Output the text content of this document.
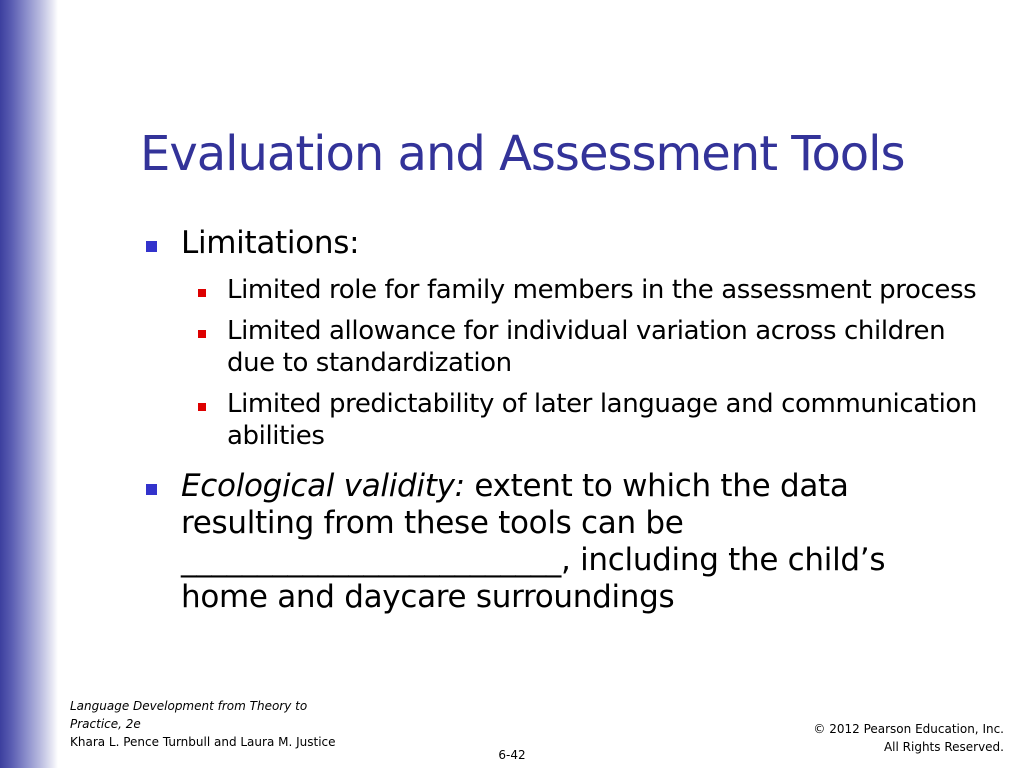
Evaluation and Assessment Tools
Limitations:
Limited role for family members in the assessment process
Limited allowance for individual variation across children due to standardization
Limited predictability of later language and communication abilities
Ecological validity: extent to which the data resulting from these tools can be _________________________, including the child’s home and daycare surroundings
Language Development from Theory to
Practice, 2e
Khara L. Pence Turnbull and Laura M. Justice
© 2012 Pearson Education, Inc.
All Rights Reserved.
6-42
